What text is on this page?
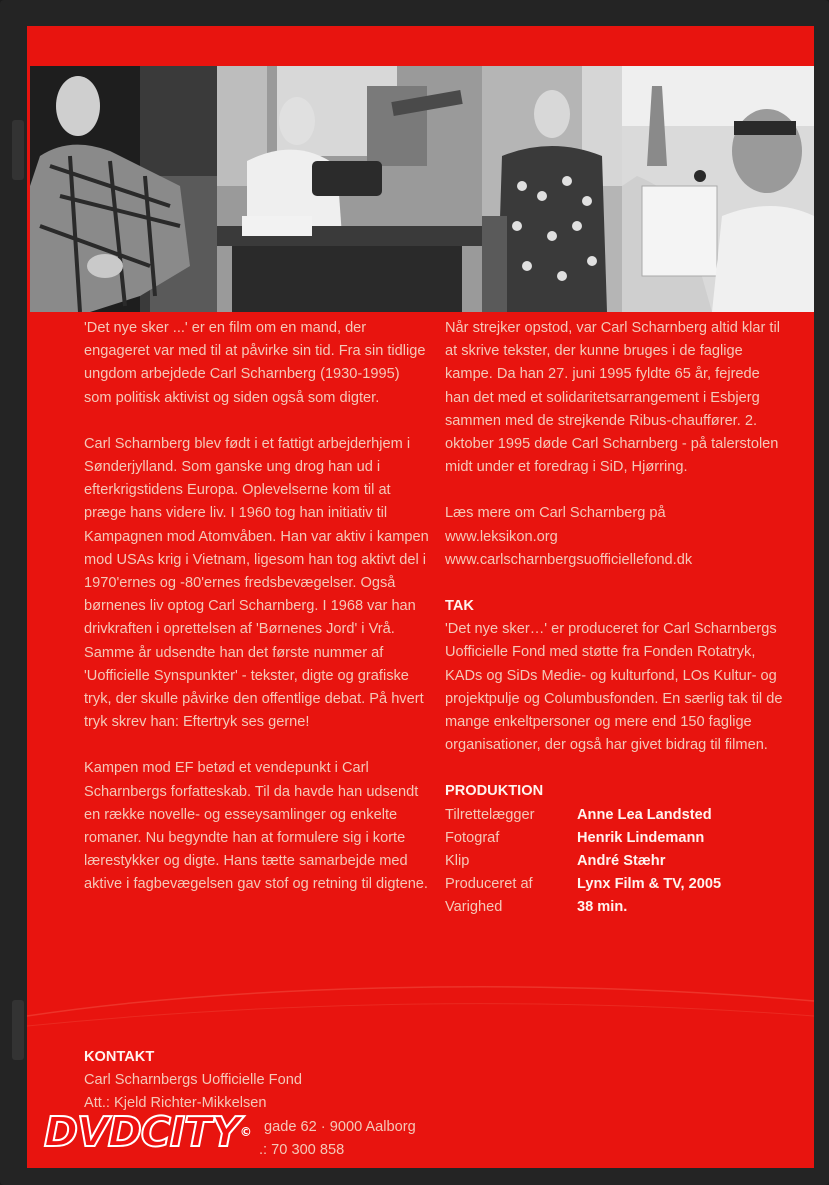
'Det nye sker ...' er en film om en mand, der engageret var med til at påvirke sin tid. Fra sin tidlige ungdom arbejdede Carl Scharnberg (1930-1995) som politisk aktivist og siden også som digter.

Carl Scharnberg blev født i et fattigt arbejderhjem i Sønderjylland. Som ganske ung drog han ud i efterkrigstidens Europa. Oplevelserne kom til at præge hans videre liv. I 1960 tog han initiativ til Kampagnen mod Atomvåben. Han var aktiv i kampen mod USAs krig i Vietnam, ligesom han tog aktivt del i 1970'ernes og -80'ernes fredsbevægelser. Også børnenes liv optog Carl Scharnberg. I 1968 var han drivkraften i oprettelsen af 'Børnenes Jord' i Vrå. Samme år udsendte han det første nummer af 'Uofficielle Synspunkter' - tekster, digte og grafiske tryk, der skulle påvirke den offentlige debat. På hvert tryk skrev han: Eftertryk ses gerne!

Kampen mod EF betød et vendepunkt i Carl Scharnbergs forfatteskab. Til da havde han udsendt en række novelle- og esseysamlinger og enkelte romaner. Nu begyndte han at formulere sig i korte lærestykker og digte. Hans tætte samarbejde med aktive i fagbevægelsen gav stof og retning til digtene.

Når strejker opstod, var Carl Scharnberg altid klar til at skrive tekster, der kunne bruges i de faglige kampe. Da han 27. juni 1995 fyldte 65 år, fejrede han det med et solidaritetsarrangement i Esbjerg sammen med de strejkende Ribus-chauffører. 2. oktober 1995 døde Carl Scharnberg - på talerstolen midt under et foredrag i SiD, Hjørring.

Læs mere om Carl Scharnberg på
www.leksikon.org
www.carlscharnbergsuofficiellefond.dk
TAK

'Det nye sker…' er produceret for Carl Scharnbergs Uofficielle Fond med støtte fra Fonden Rotatryk, KADs og SiDs Medie- og kulturfond, LOs Kultur- og projektpulje og Columbusfonden. En særlig tak til de mange enkeltpersoner og mere end 150 faglige organisationer, der også har givet bidrag til filmen.

PRODUKTION
Tilrettelægger	Anne Lea Landsted
Fotograf	Henrik Lindemann
Klip	André Stæhr
Produceret af	Lynx Film & TV, 2005
Varighed	38 min.
KONTAKT
Carl Scharnbergs Uofficielle Fond
Att.: Kjeld Richter-Mikkelsen
gade 62 · 9000 Aalborg
.: 70 300 858
DVDCITY©
